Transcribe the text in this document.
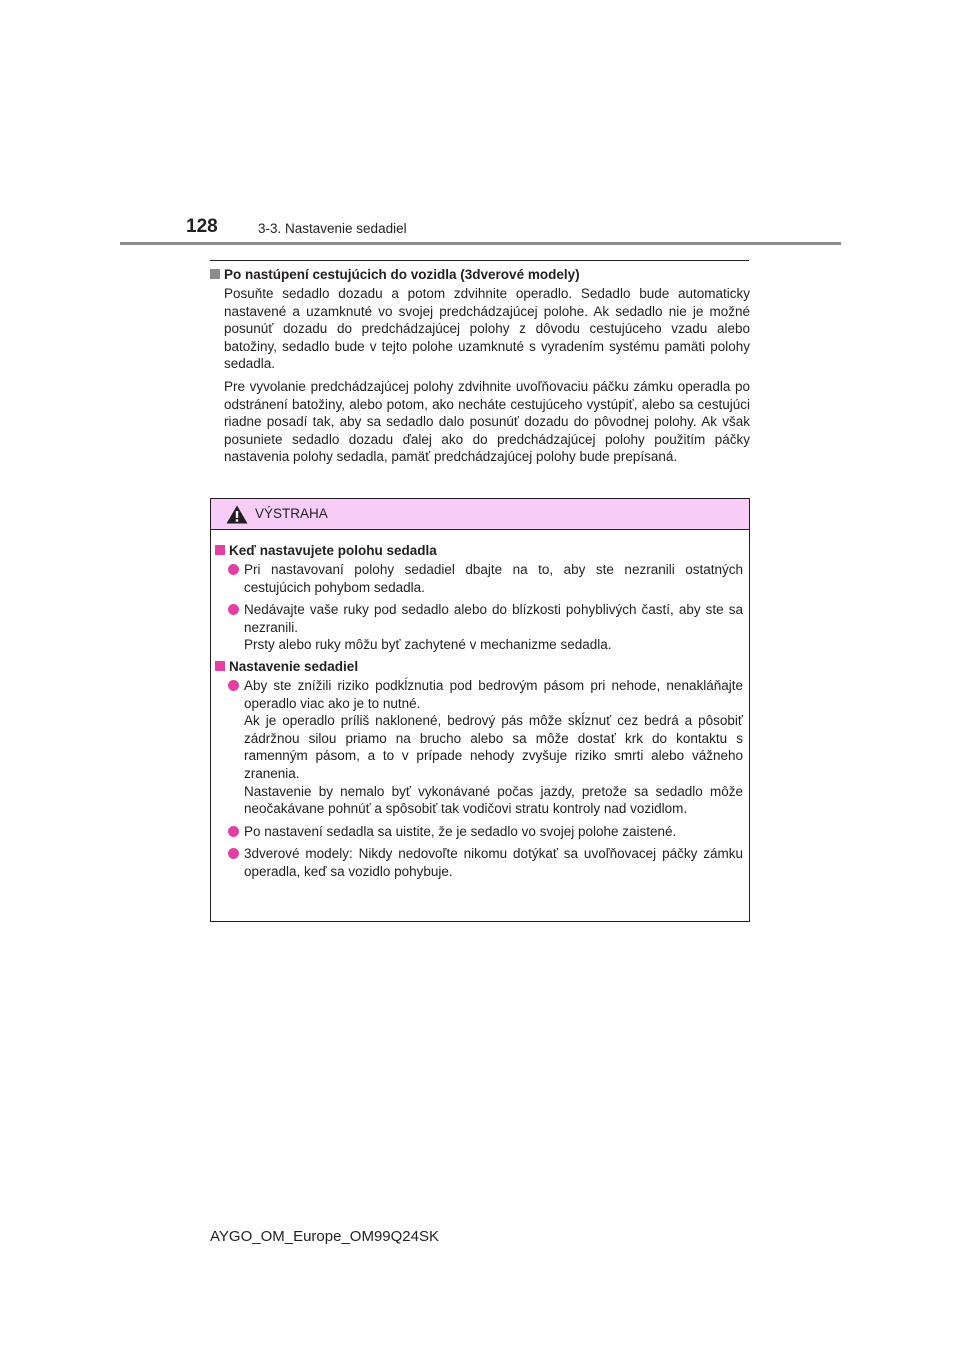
128	3-3. Nastavenie sedadiel

Po nastúpení cestujúcich do vozidla (3dverové modely)

Posuňte sedadlo dozadu a potom zdvihnite operadlo. Sedadlo bude automaticky nastavené a uzamknuté vo svojej predchádzajúcej polohe. Ak sedadlo nie je možné posunúť dozadu do predchádzajúcej polohy z dôvodu cestujúceho vzadu alebo batožiny, sedadlo bude v tejto polohe uzamknuté s vyradením systému pamäti polohy sedadla.

Pre vyvolanie predchádzajúcej polohy zdvihnite uvoľňovaciu páčku zámku operadla po odstránení batožiny, alebo potom, ako necháte cestujúceho vystúpiť, alebo sa cestujúci riadne posadí tak, aby sa sedadlo dalo posunúť dozadu do pôvodnej polohy. Ak však posuniete sedadlo dozadu ďalej ako do predchádzajúcej polohy použitím páčky nastavenia polohy sedadla, pamäť predchádzajúcej polohy bude prepísaná.

VÝSTRAHA

Keď nastavujete polohu sedadla

Pri nastavovaní polohy sedadiel dbajte na to, aby ste nezranili ostatných cestujúcich pohybom sedadla.
Nedávajte vaše ruky pod sedadlo alebo do blízkosti pohyblivých častí, aby ste sa nezranili.
Prsty alebo ruky môžu byť zachytené v mechanizme sedadla.

Nastavenie sedadiel

Aby ste znížili riziko podkĺznutia pod bedrovým pásom pri nehode, nenakláňajte operadlo viac ako je to nutné.
Ak je operadlo príliš naklonené, bedrový pás môže skĺznuť cez bedrá a pôsobiť zádržnou silou priamo na brucho alebo sa môže dostať krk do kontaktu s ramenným pásom, a to v prípade nehody zvyšuje riziko smrti alebo vážneho zranenia.
Nastavenie by nemalo byť vykonávané počas jazdy, pretože sa sedadlo môže neočakávane pohnúť a spôsobiť tak vodičovi stratu kontroly nad vozidlom.
Po nastavení sedadla sa uistite, že je sedadlo vo svojej polohe zaistené.
3dverové modely: Nikdy nedovoľte nikomu dotýkať sa uvoľňovacej páčky zámku operadla, keď sa vozidlo pohybuje.
AYGO_OM_Europe_OM99Q24SK
